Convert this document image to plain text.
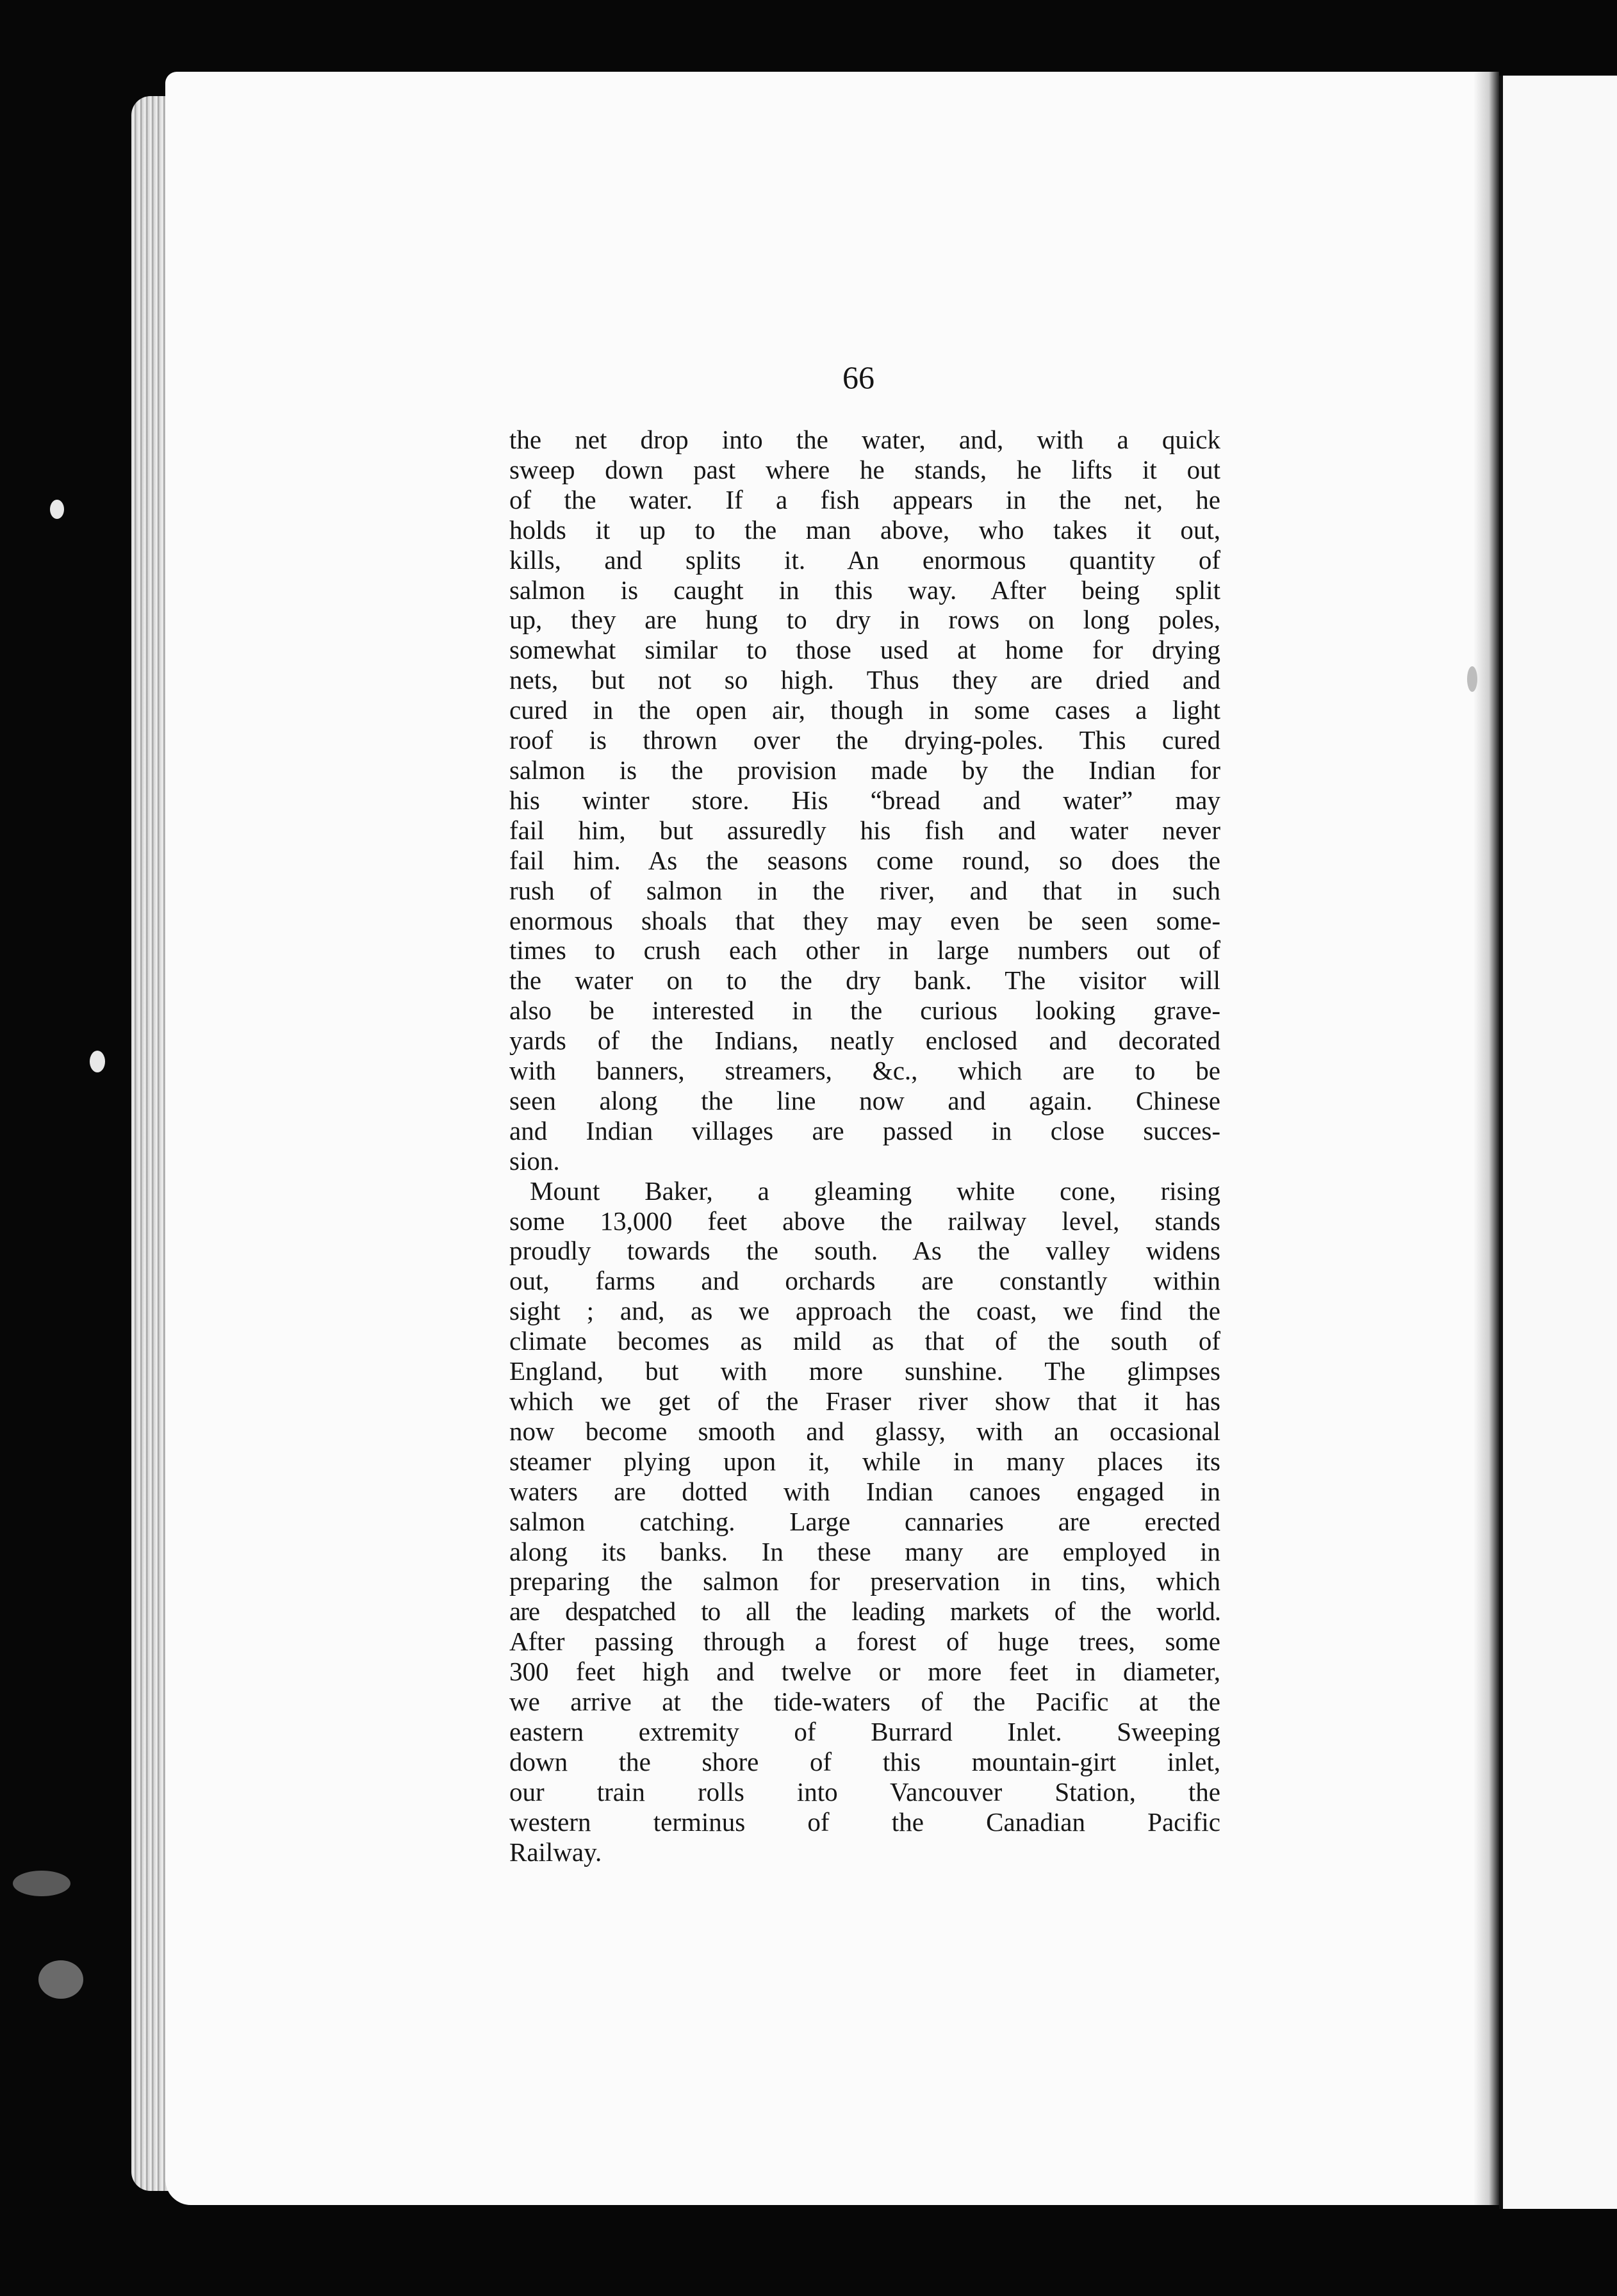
66
the net drop into the water, and, with a quick
sweep down past where he stands, he lifts it out
of the water. If a fish appears in the net, he
holds it up to the man above, who takes it out,
kills, and splits it. An enormous quantity of
salmon is caught in this way. After being split
up, they are hung to dry in rows on long poles,
somewhat similar to those used at home for drying
nets, but not so high. Thus they are dried and
cured in the open air, though in some cases a light
roof is thrown over the drying-poles. This cured
salmon is the provision made by the Indian for
his winter store. His “bread and water” may
fail him, but assuredly his fish and water never
fail him. As the seasons come round, so does the
rush of salmon in the river, and that in such
enormous shoals that they may even be seen some-
times to crush each other in large numbers out of
the water on to the dry bank. The visitor will
also be interested in the curious looking grave-
yards of the Indians, neatly enclosed and decorated
with banners, streamers, &c., which are to be
seen along the line now and again. Chinese
and Indian villages are passed in close succes-
sion.
Mount Baker, a gleaming white cone, rising
some 13,000 feet above the railway level, stands
proudly towards the south. As the valley widens
out, farms and orchards are constantly within
sight ; and, as we approach the coast, we find the
climate becomes as mild as that of the south of
England, but with more sunshine. The glimpses
which we get of the Fraser river show that it has
now become smooth and glassy, with an occasional
steamer plying upon it, while in many places its
waters are dotted with Indian canoes engaged in
salmon catching. Large cannaries are erected
along its banks. In these many are employed in
preparing the salmon for preservation in tins, which
are despatched to all the leading markets of the world.
After passing through a forest of huge trees, some
300 feet high and twelve or more feet in diameter,
we arrive at the tide-waters of the Pacific at the
eastern extremity of Burrard Inlet. Sweeping
down the shore of this mountain-girt inlet,
our train rolls into Vancouver Station, the
western terminus of the Canadian Pacific
Railway.
